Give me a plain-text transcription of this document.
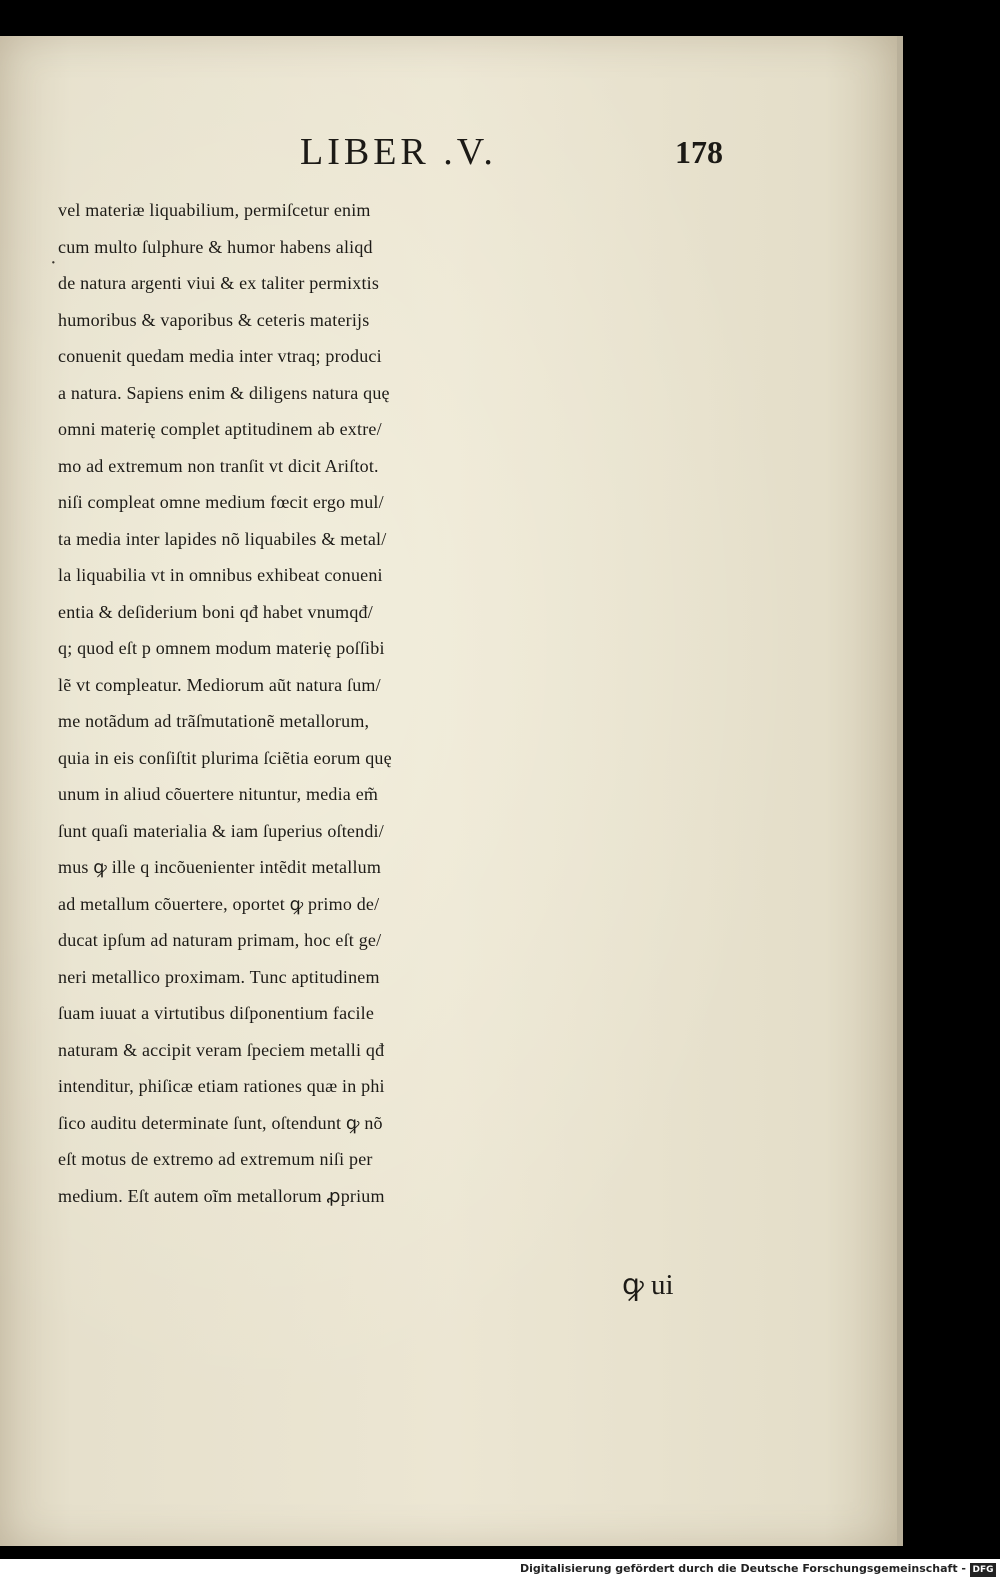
LIBER .V.	178
·
vel materiæ liquabilium, permiſcetur enim
cum multo ſulphure & humor habens aliqd
de natura argenti viui & ex taliter permixtis
humoribus & vaporibus & ceteris materijs
conuenit quedam media inter vtraq; produci
a natura. Sapiens enim & diligens natura quę
omni materię complet aptitudinem ab extre/
mo ad extremum non tranſit vt dicit Ariſtot.
niſi compleat omne medium fœcit ergo mul/
ta media inter lapides nõ liquabiles & metal/
la liquabilia vt in omnibus exhibeat conueni
entia & deſiderium boni qđ habet vnumqđ/
q; quod eſt p omnem modum materię poſſibi
lẽ vt compleatur. Mediorum aũt natura ſum/
me notãdum ad trãſmutationẽ metallorum,
quia in eis conſiſtit plurima ſciẽtia eorum quę
unum in aliud cõuertere nituntur, media em̃
ſunt quaſi materialia & iam ſuperius oſtendi/
mus ꝙ ille q incõuenienter intẽdit metallum
ad metallum cõuertere, oportet ꝙ primo de/
ducat ipſum ad naturam primam, hoc eſt ge/
neri metallico proximam. Tunc aptitudinem
ſuam iuuat a virtutibus diſponentium facile
naturam & accipit veram ſpeciem metalli qđ
intenditur, phiſicæ etiam rationes quæ in phi
ſico auditu determinate ſunt, oſtendunt ꝙ nõ
eſt motus de extremo ad extremum niſi per
medium. Eſt autem oĩm metallorum ꝓprium
ꝙ ui
Digitalisierung gefördert durch die Deutsche Forschungsgemeinschaft - DFG
